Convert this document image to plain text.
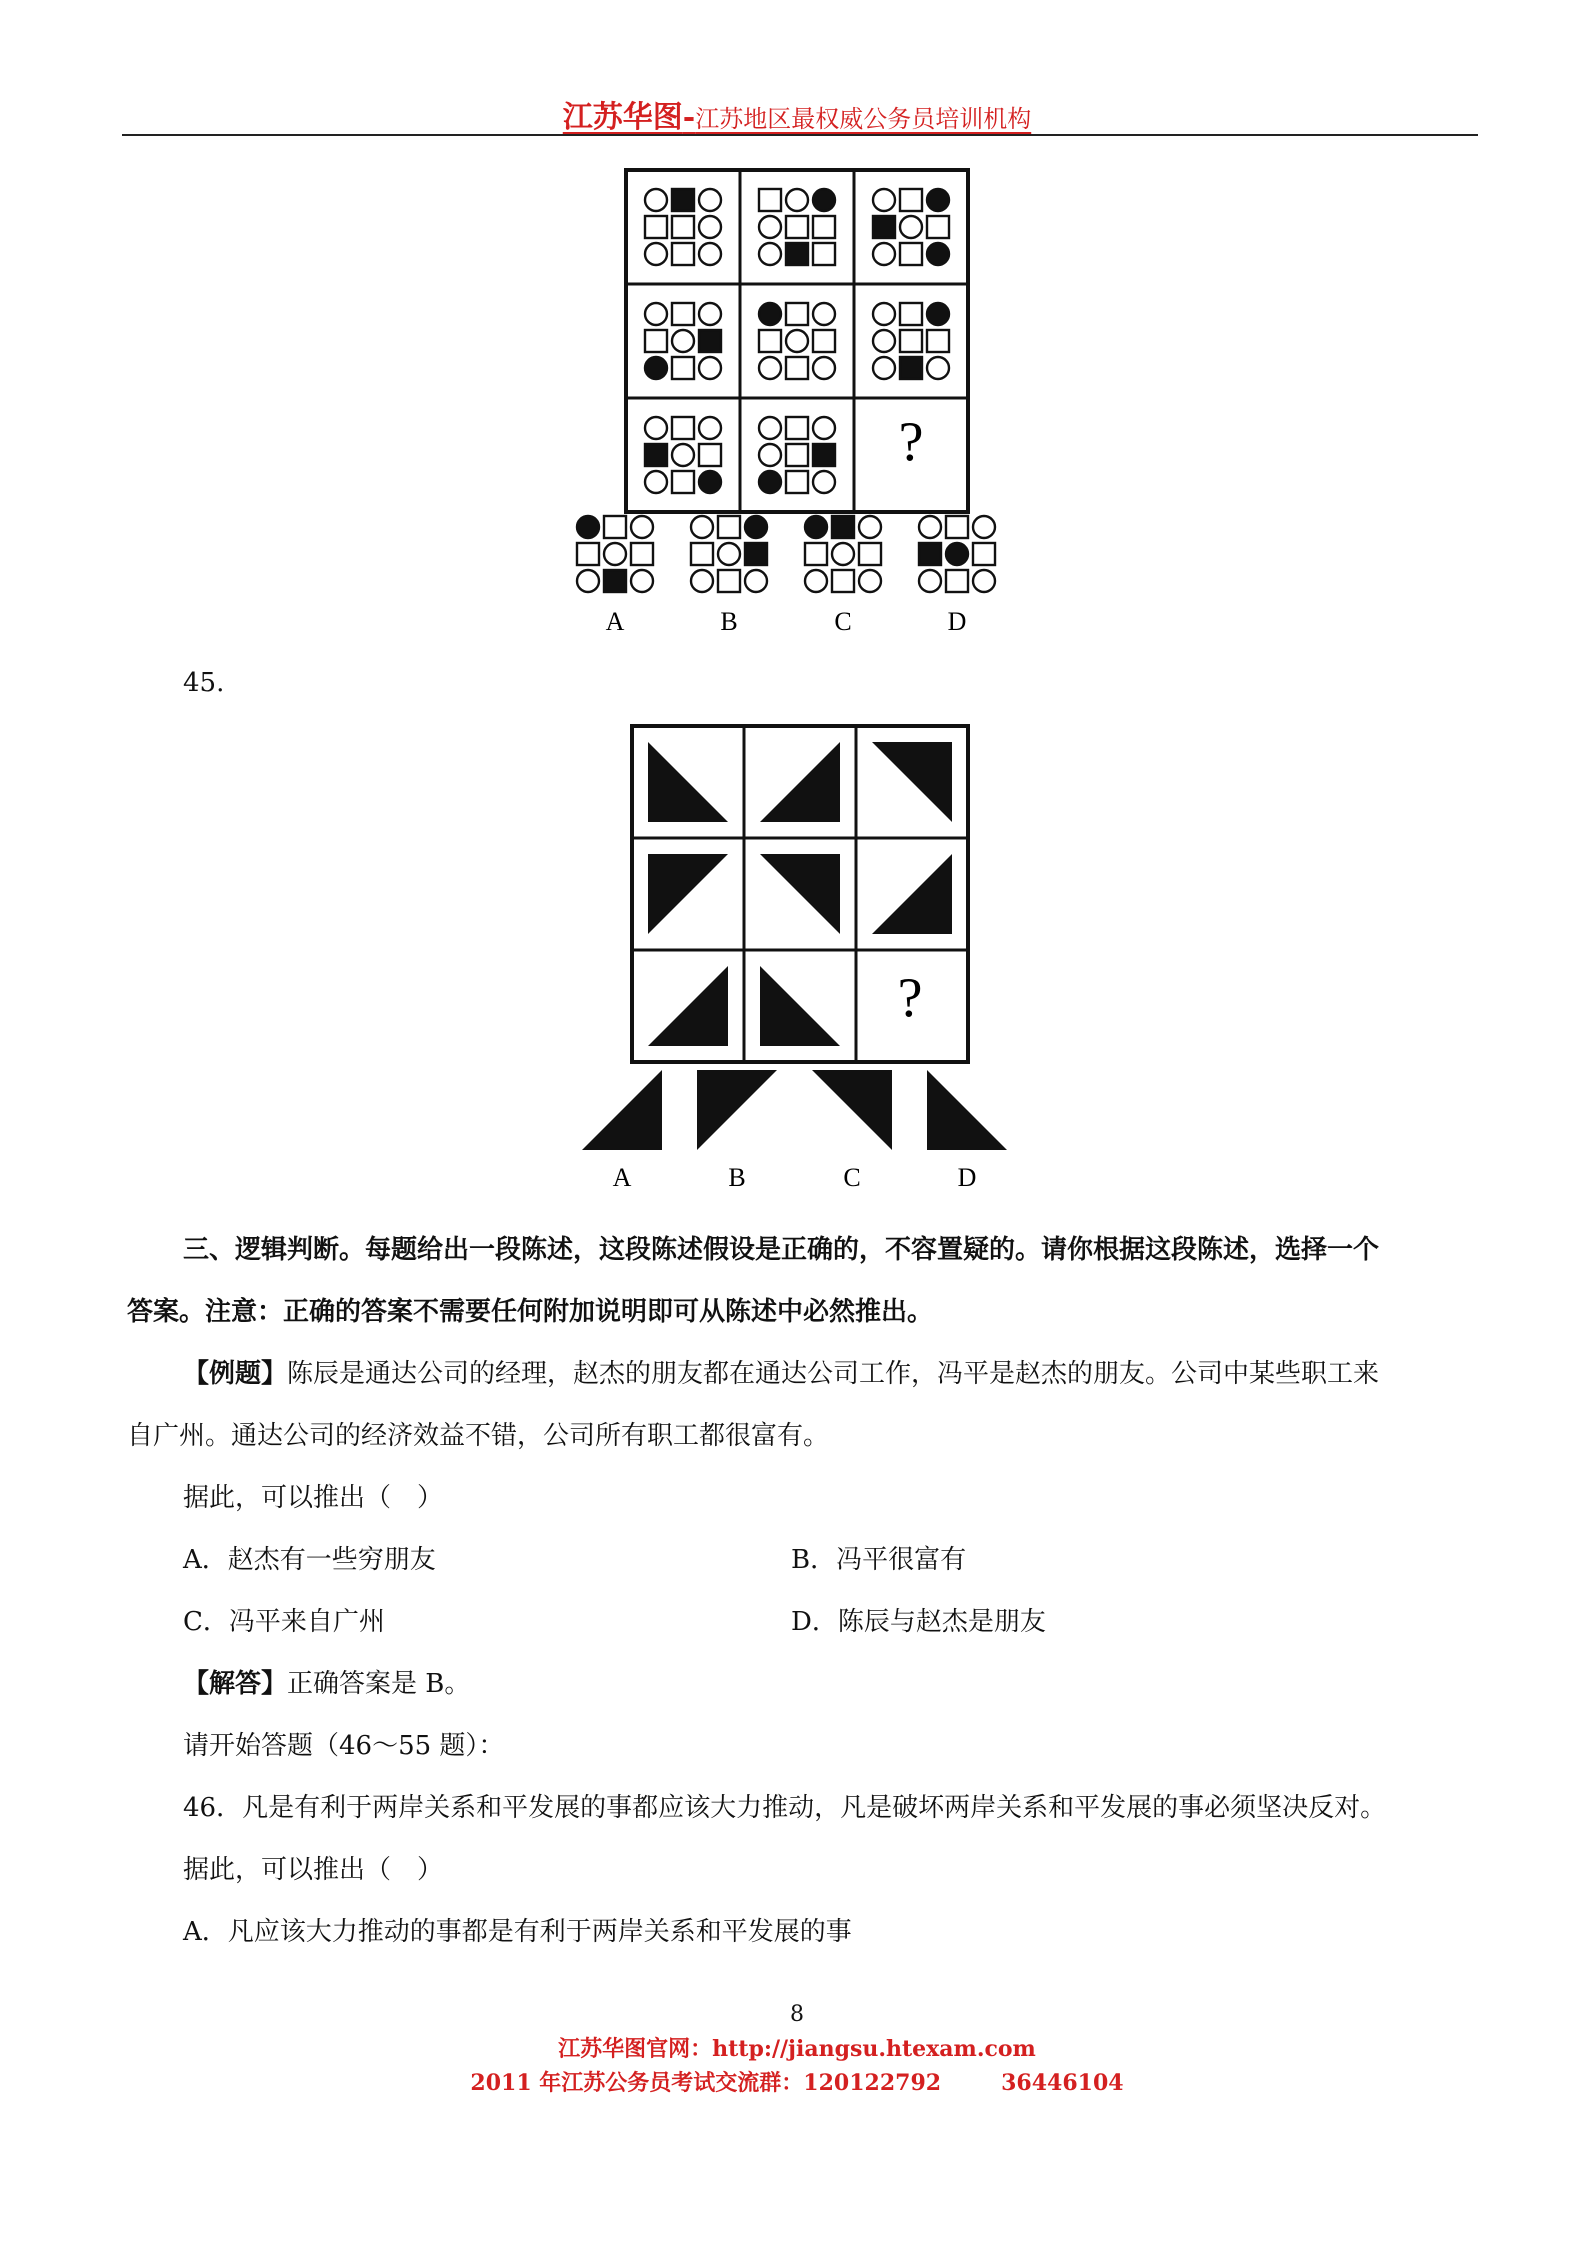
江苏华图-江苏地区最权威公务员培训机构
?
A	B	C	D
45.
?
A	B	C	D
三、逻辑判断。每题给出一段陈述，这段陈述假设是正确的，不容置疑的。请你根据这段陈述，选择一个
答案。注意：正确的答案不需要任何附加说明即可从陈述中必然推出。
【例题】陈辰是通达公司的经理，赵杰的朋友都在通达公司工作，冯平是赵杰的朋友。公司中某些职工来
自广州。通达公司的经济效益不错，公司所有职工都很富有。
据此，可以推出（　）
A．赵杰有一些穷朋友	B．冯平很富有
C．冯平来自广州	D．陈辰与赵杰是朋友
【解答】正确答案是 B。
请开始答题（46～55 题）：
46．凡是有利于两岸关系和平发展的事都应该大力推动，凡是破坏两岸关系和平发展的事必须坚决反对。
据此，可以推出（　）
A．凡应该大力推动的事都是有利于两岸关系和平发展的事
8
江苏华图官网：http://jiangsu.htexam.com
2011 年江苏公务员考试交流群：120122792	36446104
